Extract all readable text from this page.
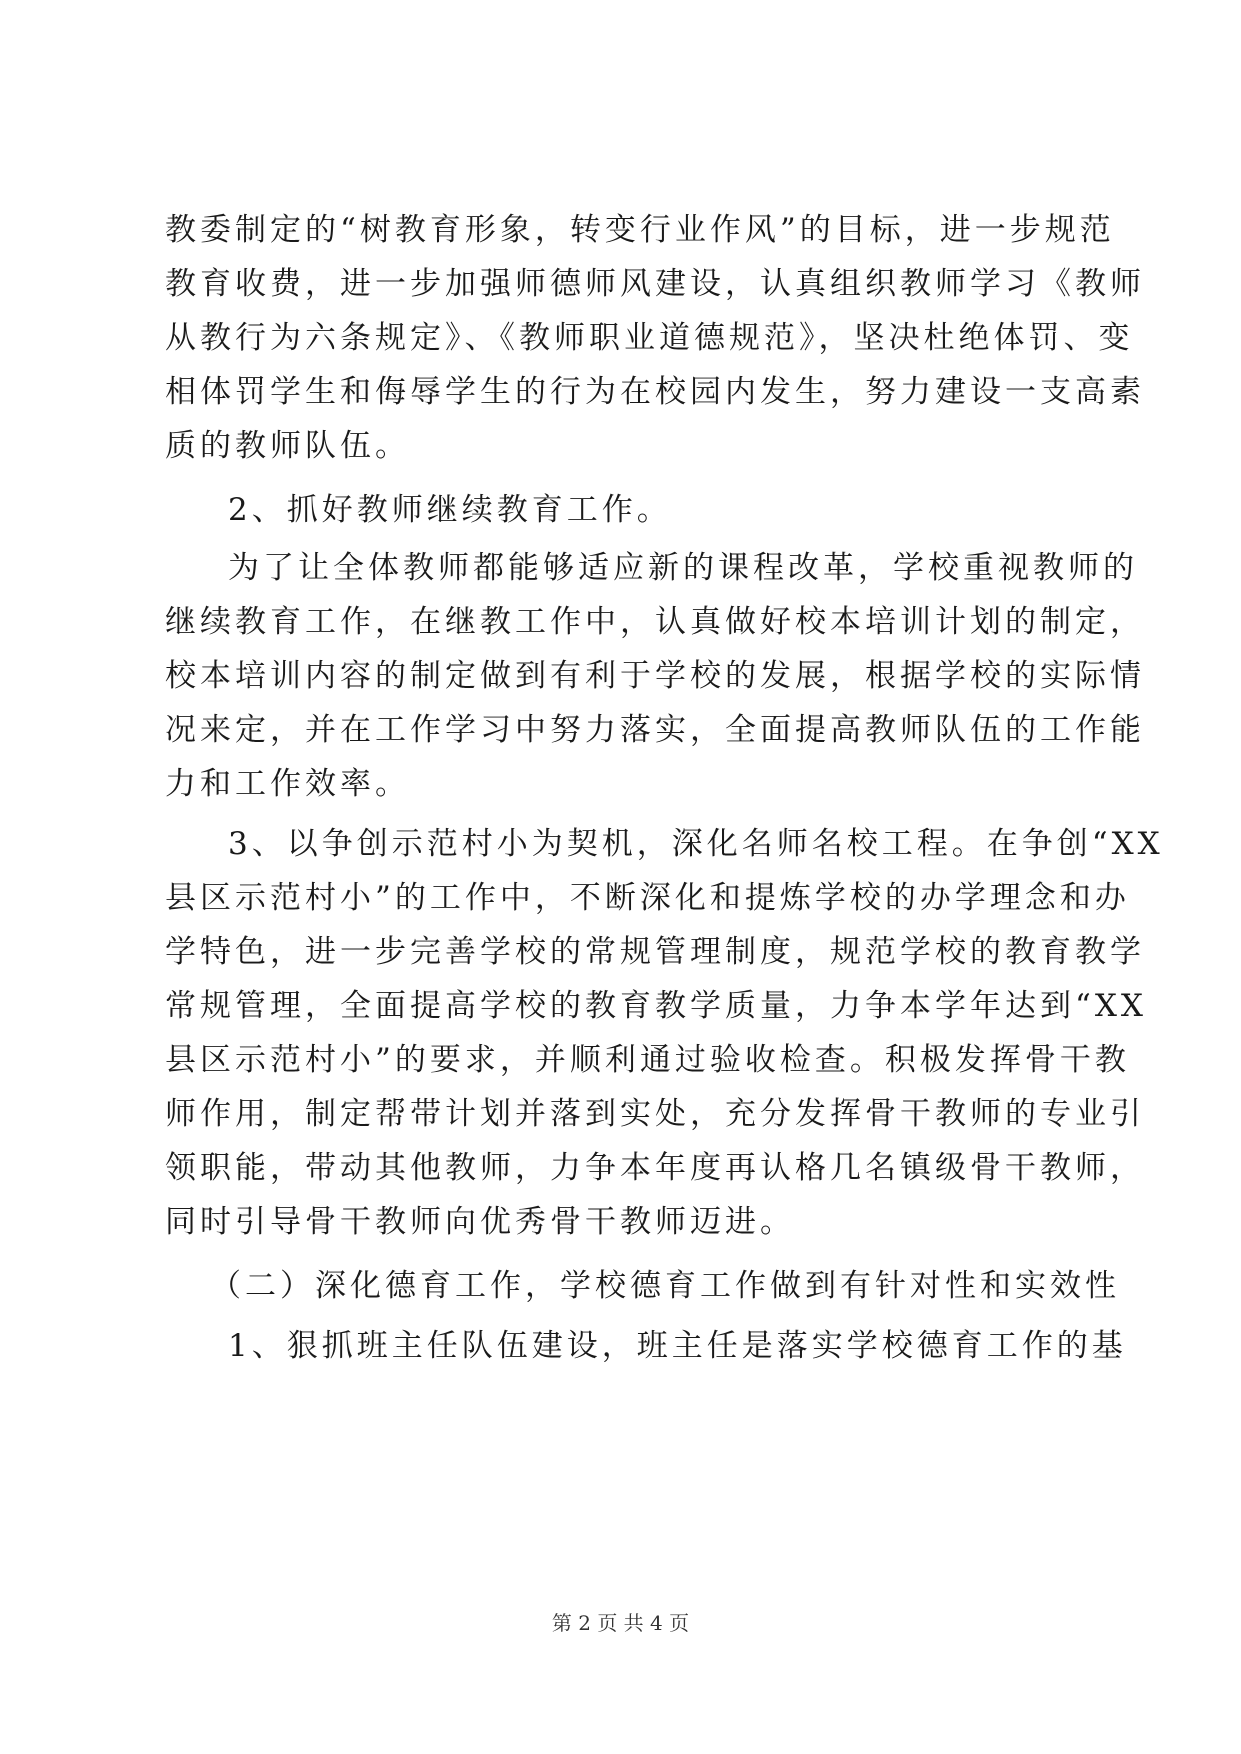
教委制定的“树教育形象，转变行业作风”的目标，进一步规范
教育收费，进一步加强师德师风建设，认真组织教师学习《教师
从教行为六条规定》、《教师职业道德规范》，坚决杜绝体罚、变
相体罚学生和侮辱学生的行为在校园内发生，努力建设一支高素
质的教师队伍。
2、抓好教师继续教育工作。
为了让全体教师都能够适应新的课程改革，学校重视教师的
继续教育工作，在继教工作中，认真做好校本培训计划的制定，
校本培训内容的制定做到有利于学校的发展，根据学校的实际情
况来定，并在工作学习中努力落实，全面提高教师队伍的工作能
力和工作效率。
3、以争创示范村小为契机，深化名师名校工程。在争创“XX
县区示范村小”的工作中，不断深化和提炼学校的办学理念和办
学特色，进一步完善学校的常规管理制度，规范学校的教育教学
常规管理，全面提高学校的教育教学质量，力争本学年达到“XX
县区示范村小”的要求，并顺利通过验收检查。积极发挥骨干教
师作用，制定帮带计划并落到实处，充分发挥骨干教师的专业引
领职能，带动其他教师，力争本年度再认格几名镇级骨干教师，
同时引导骨干教师向优秀骨干教师迈进。
（二）深化德育工作，学校德育工作做到有针对性和实效性
1、狠抓班主任队伍建设，班主任是落实学校德育工作的基
第 2 页 共 4 页
